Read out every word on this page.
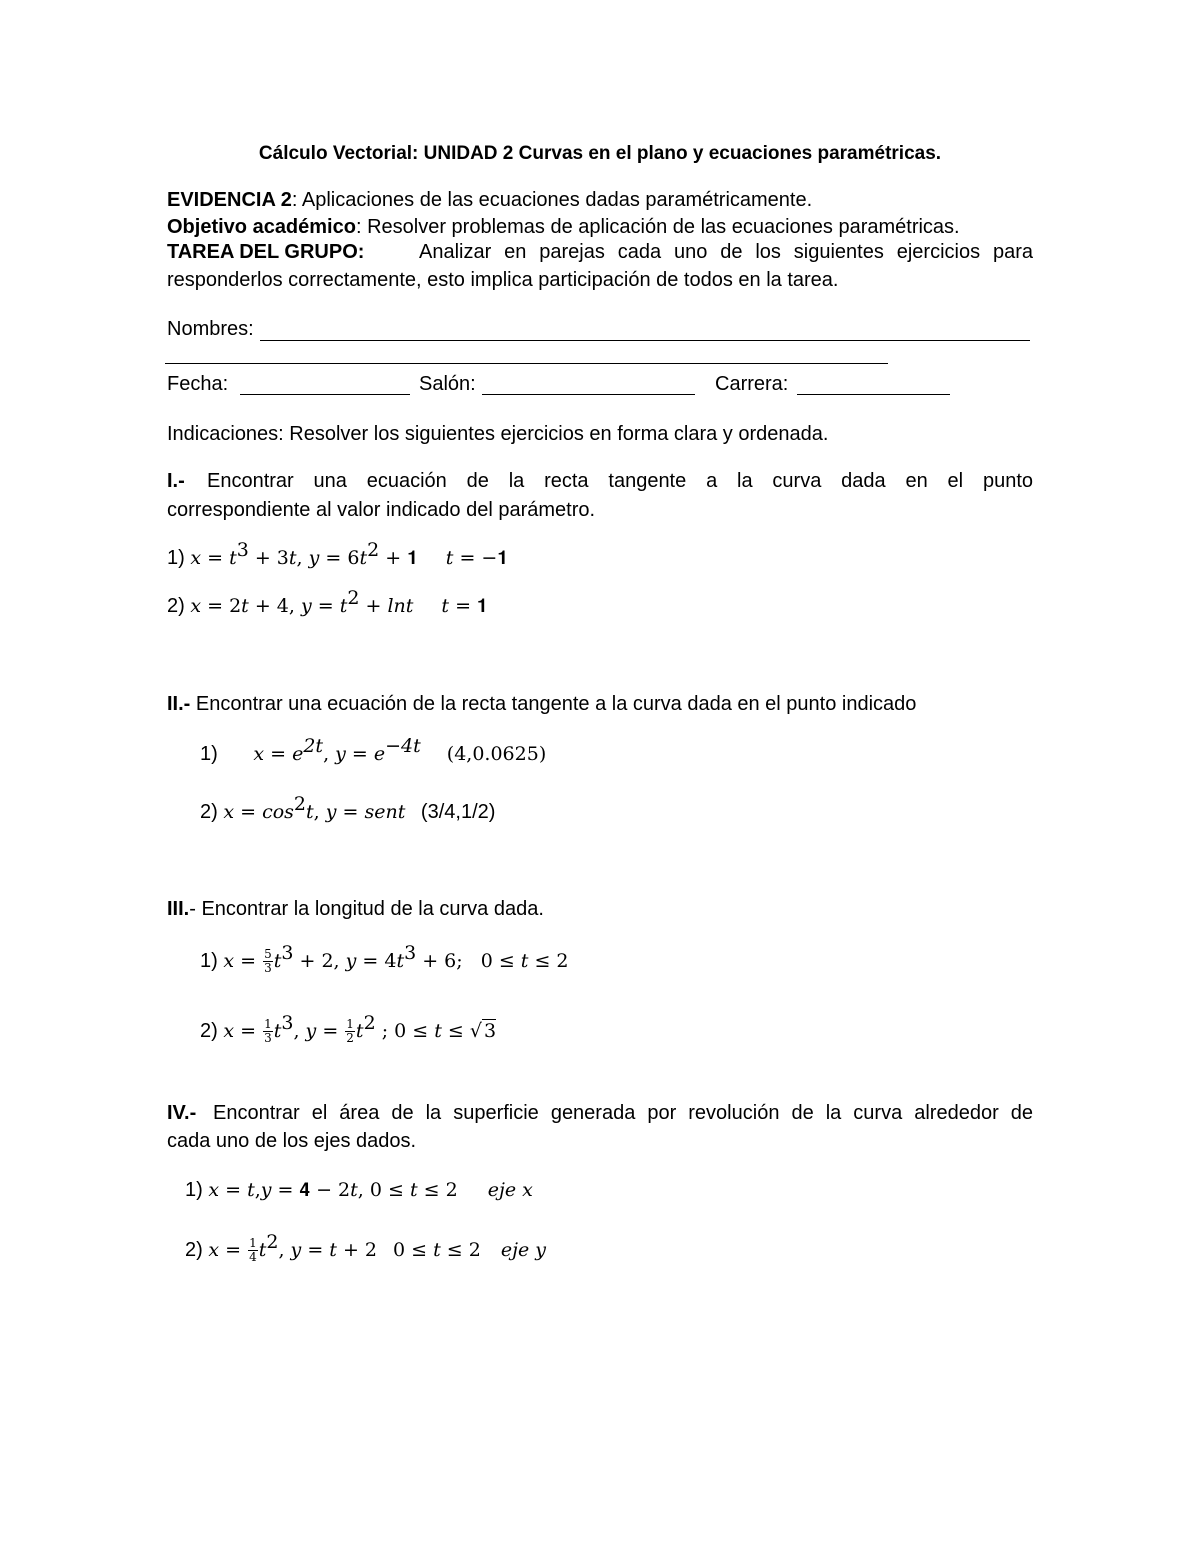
Cálculo Vectorial: UNIDAD 2 Curvas en el plano y ecuaciones paramétricas.
EVIDENCIA 2: Aplicaciones de las ecuaciones dadas paramétricamente.
Objetivo académico: Resolver problemas de aplicación de las ecuaciones paramétricas.
TAREA DEL GRUPO:	Analizar en parejas cada uno de los siguientes ejercicios para
responderlos correctamente, esto implica participación de todos en la tarea.
Nombres:
Fecha:	Salón:	Carrera:
Indicaciones: Resolver los siguientes ejercicios en forma clara y ordenada.
I.- Encontrar una ecuación de la recta tangente a la curva dada en el punto
correspondiente al valor indicado del parámetro.
1) $x = t^3 + 3t$, $y = 6t^2$ + 𝟏 t = −𝟏
2) x = 2t + 4, $y = t^2 + \ln t$ t = 𝟏
II.- Encontrar una ecuación de la recta tangente a la curva dada en el punto indicado
1) $x = e^{2t}$, $y = e^{-4t}$ (4,0.0625)
2) $x = \cos^2t$, y = sent (3/4,1/2)
III.- Encontrar la longitud de la curva dada.
1) $x = \frac{5}{3} t^3 + 2$, $y = 4t^3 + 6$; 0 ≤ t ≤ 2
2) $x = \frac{1}{3} t^3$, $y = \frac{1}{2} t^2$ ; 0 ≤ t ≤ √ 3
IV.- Encontrar el área de la superficie generada por revolución de la curva alrededor de
cada uno de los ejes dados.
1) x = t,y = 𝟒 − 2t, 0 ≤ t ≤ 2 eje x
2) $x = \frac{1}{4} t^2$, y = t + 2 0 ≤ t ≤ 2 eje y
